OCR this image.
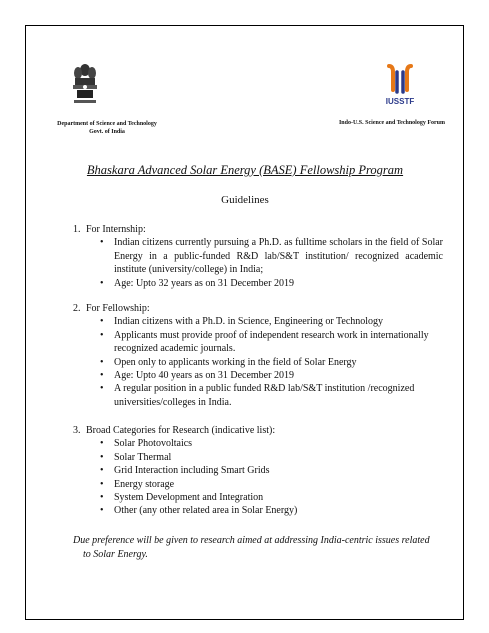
Department of Science and Technology
Govt. of India
IUSSTF
Indo-U.S. Science and Technology Forum
Bhaskara Advanced Solar Energy (BASE) Fellowship Program
Guidelines
1. For Internship:
• Indian citizens currently pursuing a Ph.D. as fulltime scholars in the field of Solar Energy in a public-funded R&D lab/S&T institution/ recognized academic institute (university/college) in India;
• Age: Upto 32 years as on 31 December 2019
2. For Fellowship:
• Indian citizens with a Ph.D. in Science, Engineering or Technology
• Applicants must provide proof of independent research work in internationally recognized academic journals.
• Open only to applicants working in the field of Solar Energy
• Age: Upto 40 years as on 31 December 2019
• A regular position in a public funded R&D lab/S&T institution /recognized universities/colleges in India.
3. Broad Categories for Research (indicative list):
• Solar Photovoltaics
• Solar Thermal
• Grid Interaction including Smart Grids
• Energy storage
• System Development and Integration
• Other (any other related area in Solar Energy)
Due preference will be given to research aimed at addressing India-centric issues related
to Solar Energy.
